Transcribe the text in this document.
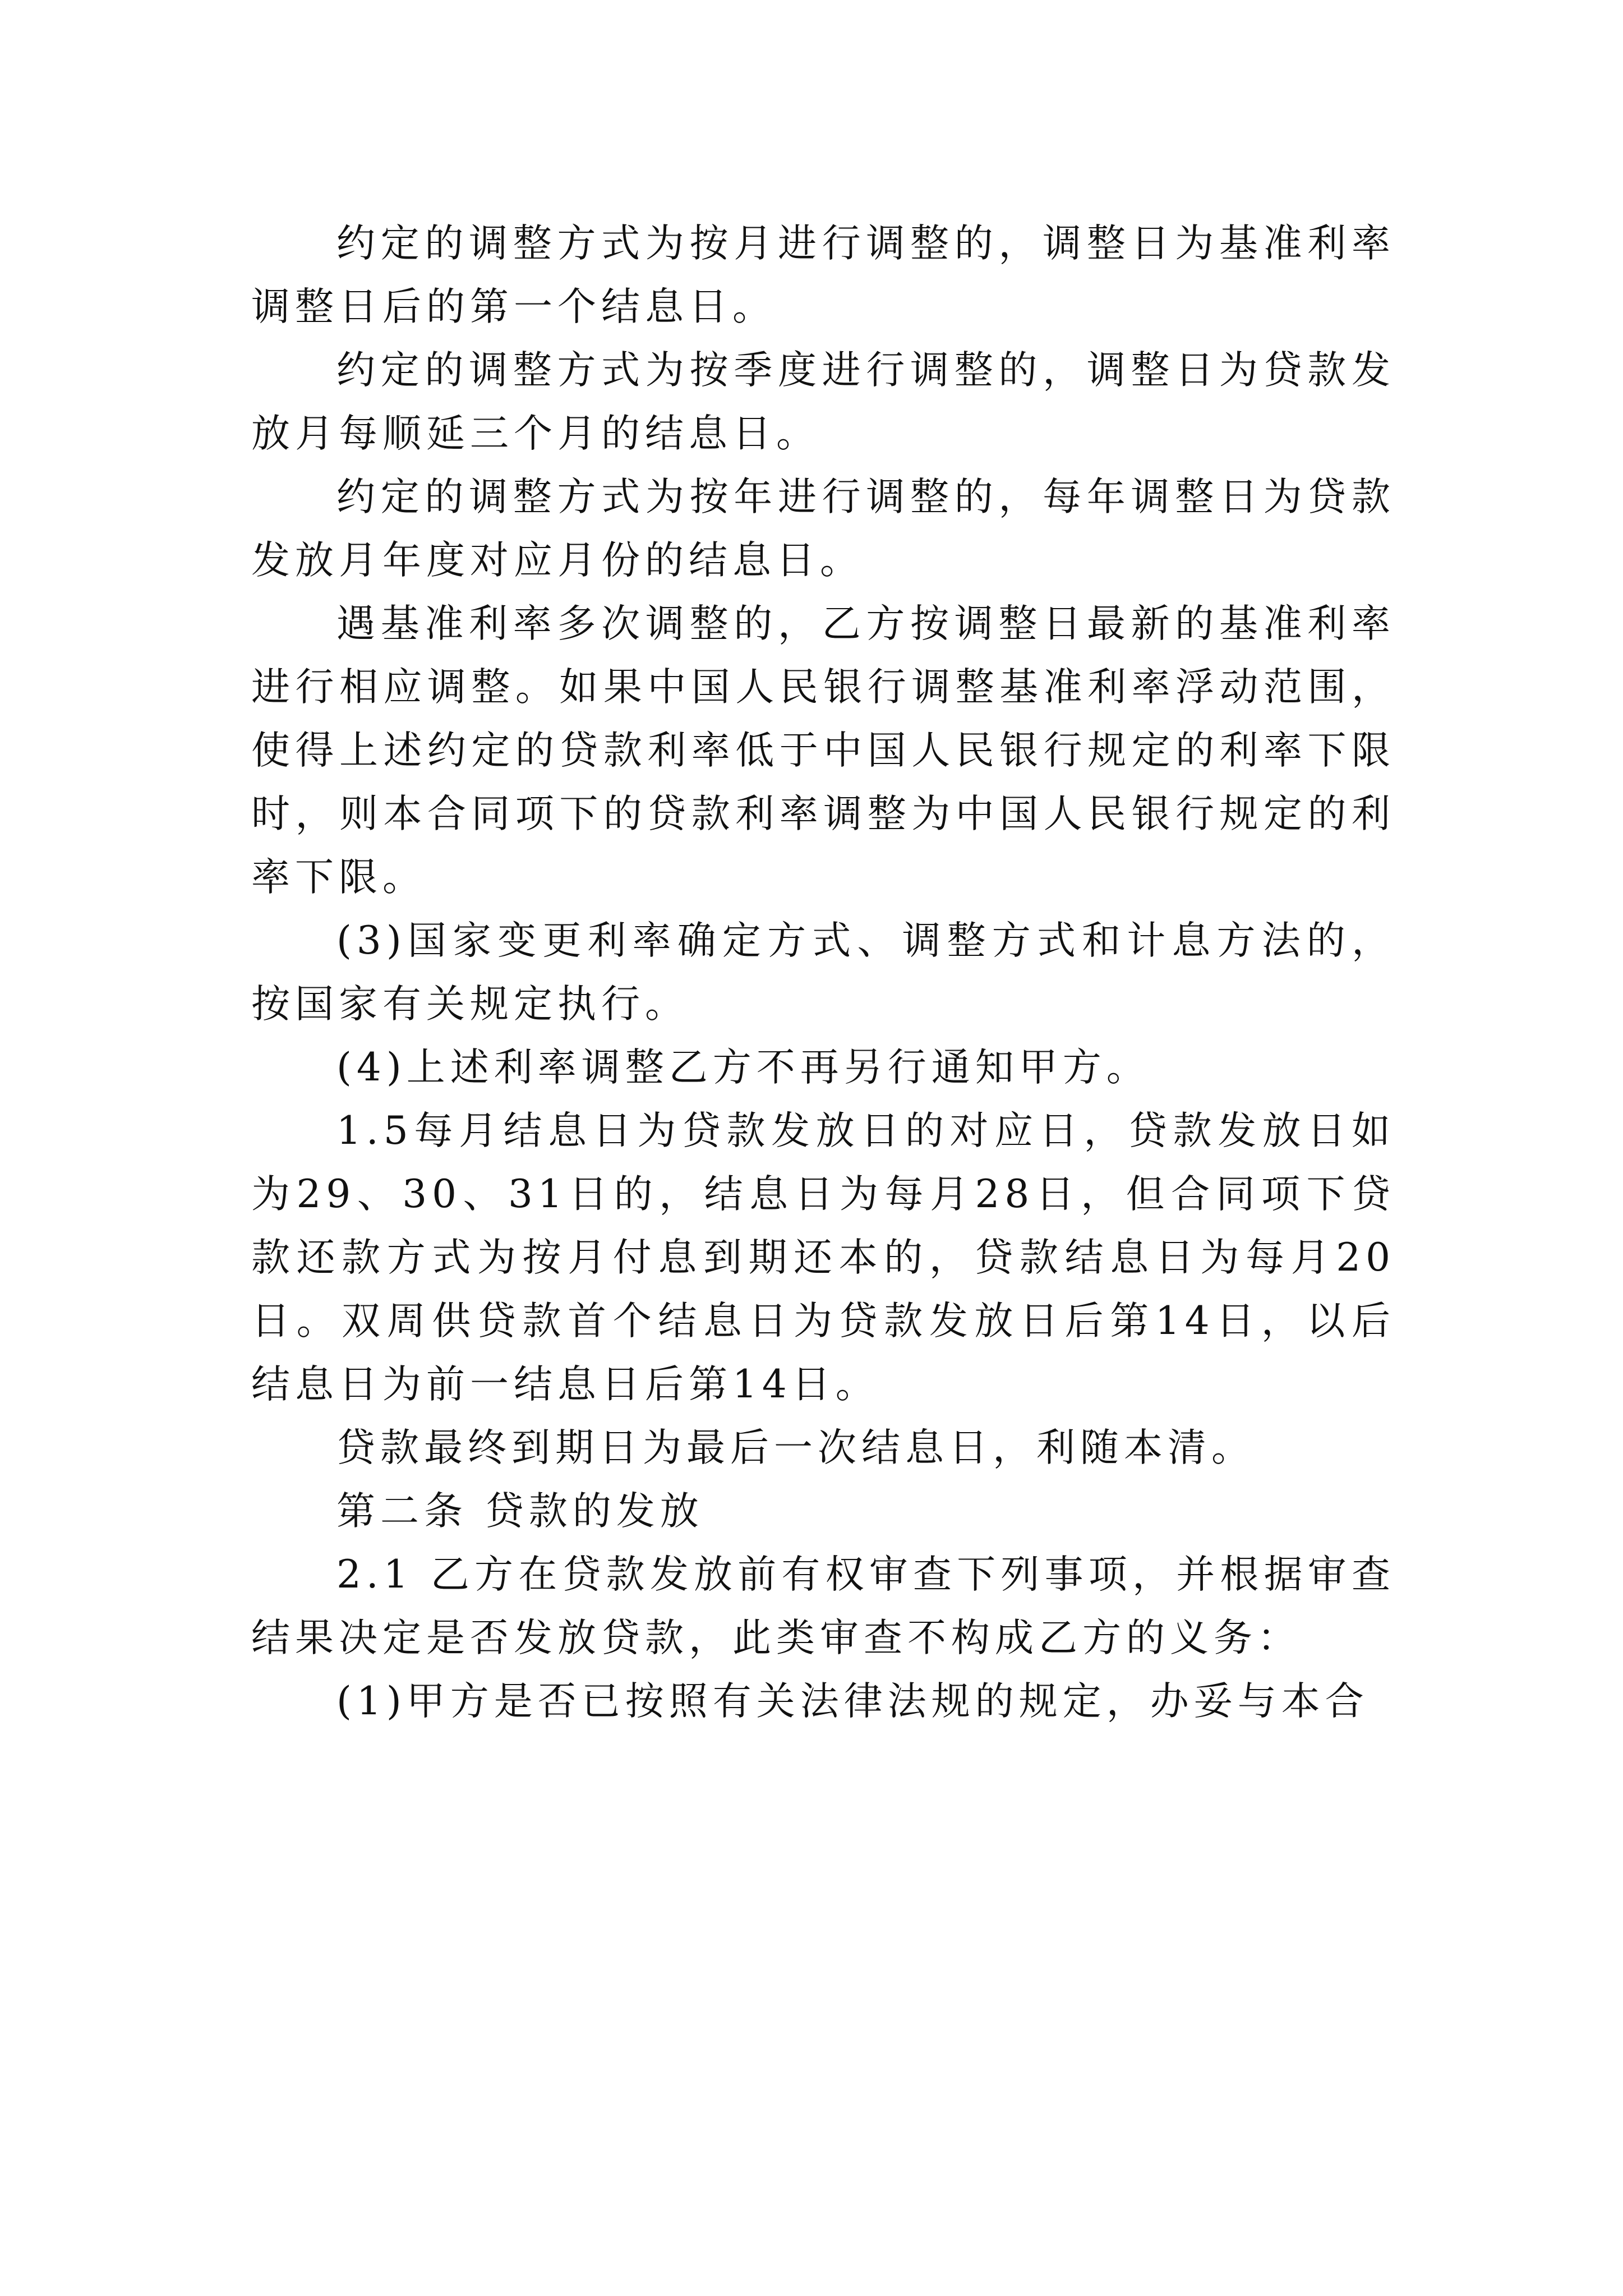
约定的调整方式为按月进行调整的，调整日为基准利率调整日后的第一个结息日。

约定的调整方式为按季度进行调整的，调整日为贷款发放月每顺延三个月的结息日。

约定的调整方式为按年进行调整的，每年调整日为贷款发放月年度对应月份的结息日。

遇基准利率多次调整的，乙方按调整日最新的基准利率进行相应调整。如果中国人民银行调整基准利率浮动范围，使得上述约定的贷款利率低于中国人民银行规定的利率下限时，则本合同项下的贷款利率调整为中国人民银行规定的利率下限。

(3)国家变更利率确定方式、调整方式和计息方法的，按国家有关规定执行。

(4)上述利率调整乙方不再另行通知甲方。

1.5每月结息日为贷款发放日的对应日，贷款发放日如为29、30、31日的，结息日为每月28日，但合同项下贷款还款方式为按月付息到期还本的，贷款结息日为每月20日。双周供贷款首个结息日为贷款发放日后第14日，以后结息日为前一结息日后第14日。

贷款最终到期日为最后一次结息日，利随本清。

第二条 贷款的发放

2.1 乙方在贷款发放前有权审查下列事项，并根据审查结果决定是否发放贷款，此类审查不构成乙方的义务：

(1)甲方是否已按照有关法律法规的规定，办妥与本合
